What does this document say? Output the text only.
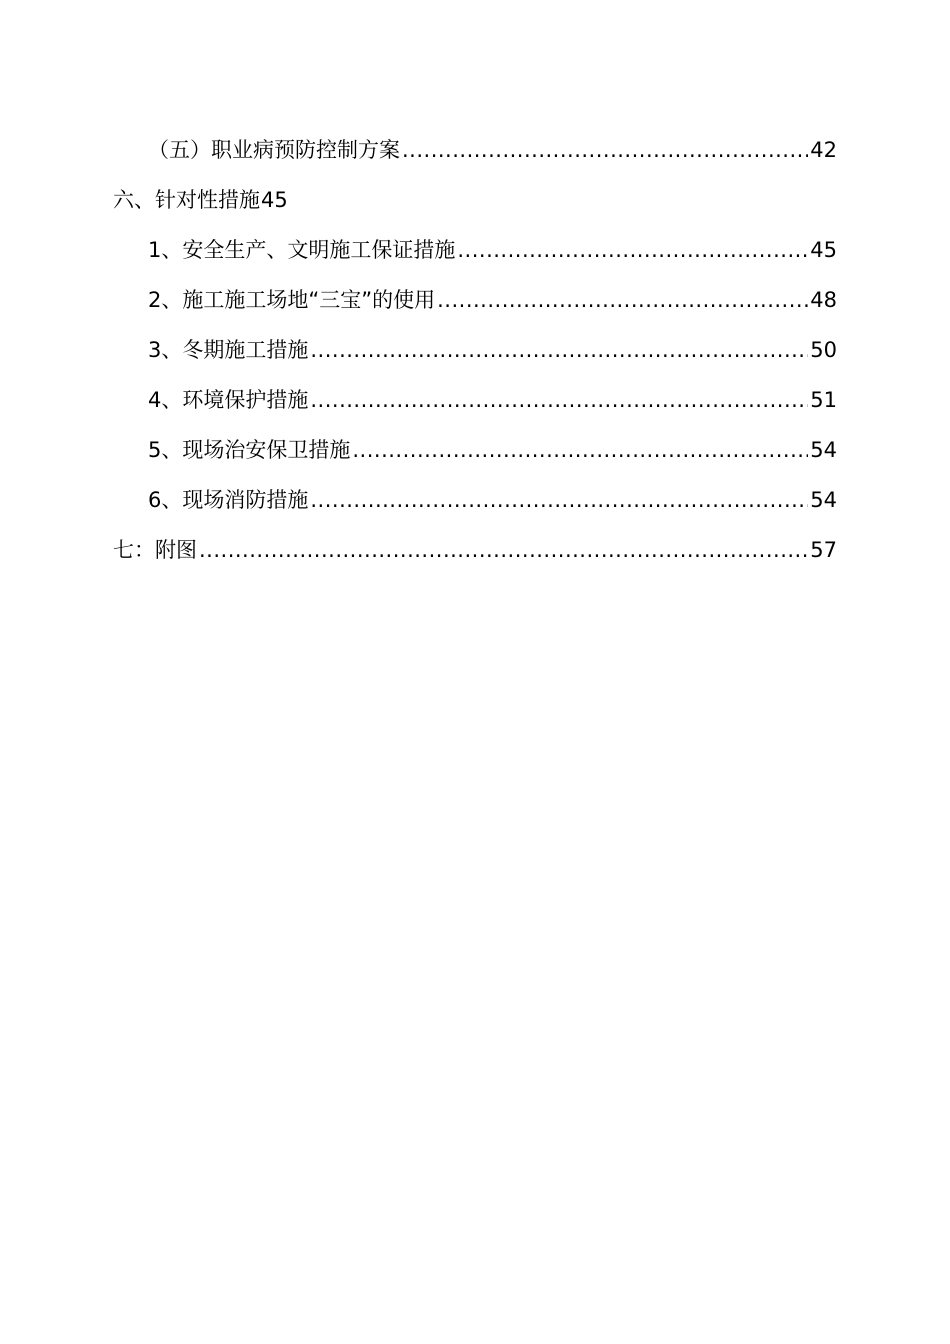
（五）职业病预防控制方案 .....	42
六、针对性措施 45
1、安全生产、文明施工保证措施 .....	45
2、施工施工场地“三宝”的使用 .....	48
3、冬期施工措施 .....	50
4、环境保护措施 .....	51
5、现场治安保卫措施 .....	54
6、现场消防措施 .....	54
七：附图 .....	57
